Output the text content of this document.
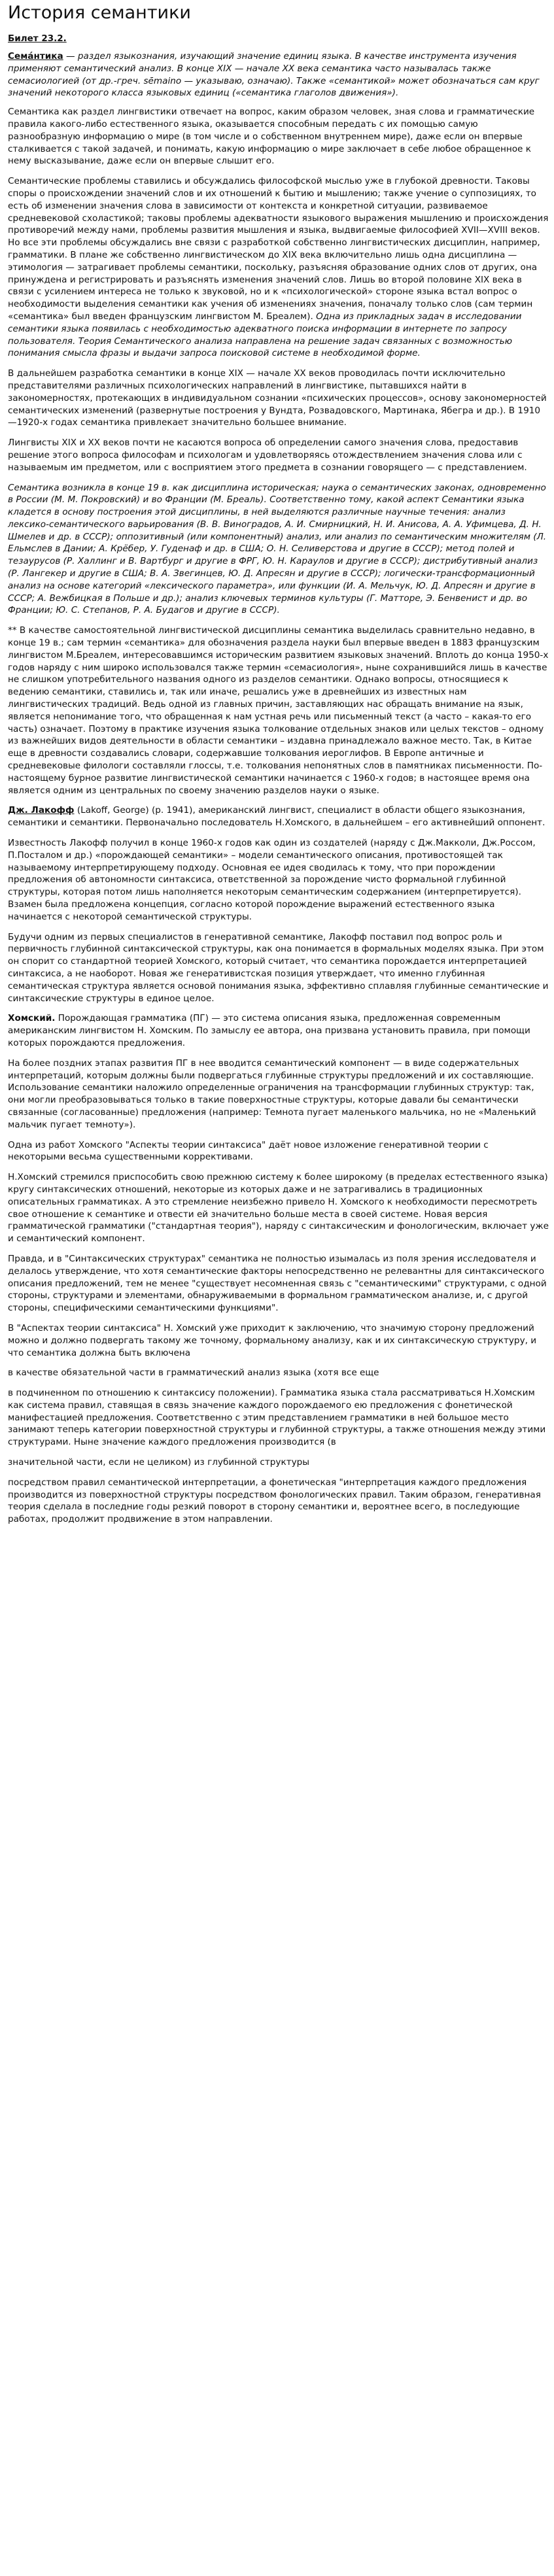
История семантики
Билет 23.2.

Сема́нтика — раздел языкознания, изучающий значение единиц языка. В качестве инструмента изучения применяют семантический анализ. В конце XIX — начале XX века семантика часто называлась также семасиологией (от др.-греч. sēmaino — указываю, означаю). Также «семантикой» может обозначаться сам круг значений некоторого класса языковых единиц («семантика глаголов движения»).

Семантика как раздел лингвистики отвечает на вопрос, каким образом человек, зная слова и грамматические правила какого-либо естественного языка, оказывается способным передать с их помощью самую разнообразную информацию о мире (в том числе и о собственном внутреннем мире), даже если он впервые сталкивается с такой задачей, и понимать, какую информацию о мире заключает в себе любое обращенное к нему высказывание, даже если он впервые слышит его.

Семантические проблемы ставились и обсуждались философской мыслью уже в глубокой древности. Таковы споры о происхождении значений слов и их отношений к бытию и мышлению; также учение о суппозициях, то есть об изменении значения слова в зависимости от контекста и конкретной ситуации, развиваемое средневековой схоластикой; таковы проблемы адекватности языкового выражения мышлению и происхождения противоречий между нами, проблемы развития мышления и языка, выдвигаемые философией XVII—XVIII веков. Но все эти проблемы обсуждались вне связи с разработкой собственно лингвистических дисциплин, например, грамматики. В плане же собственно лингвистическом до XIX века включительно лишь одна дисциплина — этимология — затрагивает проблемы семантики, поскольку, разъясняя образование одних слов от других, она принуждена и регистрировать и разъяснять изменения значений слов. Лишь во второй половине XIX века в связи с усилением интереса не только к звуковой, но и к «психологической» стороне языка встал вопрос о необходимости выделения семантики как учения об изменениях значения, поначалу только слов (сам термин «семантика» был введен французским лингвистом М. Бреалем). Одна из прикладных задач в исследовании семантики языка появилась с необходимостью адекватного поиска информации в интернете по запросу пользователя. Теория Семантического анализа направлена на решение задач связанных с возможностью понимания смысла фразы и выдачи запроса поисковой системе в необходимой форме.

В дальнейшем разработка семантики в конце XIX — начале XX веков проводилась почти исключительно представителями различных психологических направлений в лингвистике, пытавшихся найти в закономерностях, протекающих в индивидуальном сознании «психических процессов», основу закономерностей семантических изменений (развернутые построения у Вундта, Розвадовского, Мартинака, Ябегра и др.). В 1910—1920-х годах семантика привлекает значительно большее внимание.

Лингвисты XIX и XX веков почти не касаются вопроса об определении самого значения слова, предоставив решение этого вопроса философам и психологам и удовлетворяясь отождествлением значения слова или с называемым им предметом, или с восприятием этого предмета в сознании говорящего — с представлением.

Семантика возникла в конце 19 в. как дисциплина историческая; наука о семантических законах, одновременно в России (М. М. Покровский) и во Франции (М. Бреаль). Соответственно тому, какой аспект Семантики языка кладется в основу построения этой дисциплины, в ней выделяются различные научные течения: анализ лексико-семантического варьирования (В. В. Виноградов, А. И. Смирницкий, Н. И. Анисова, А. А. Уфимцева, Д. Н. Шмелев и др. в СССР); оппозитивный (или компонентный) анализ, или анализ по семантическим множителям (Л. Ельмслев в Дании; А. Крёбер, У. Гуденаф и др. в США; О. Н. Селиверстова и другие в СССР); метод полей и тезаурусов (Р. Халлинг и В. Вартбург и другие в ФРГ, Ю. Н. Караулов и другие в СССР); дистрибутивный анализ (Р. Лангекер и другие в США; В. А. Звегинцев, Ю. Д. Апресян и другие в СССР); логически-трансформационный анализ на основе категорий «лексического параметра», или функции (И. А. Мельчук, Ю. Д. Апресян и другие в СССР; А. Вежбицкая в Польше и др.); анализ ключевых терминов культуры (Г. Матторе, Э. Бенвенист и др. во Франции; Ю. С. Степанов, Р. А. Будагов и другие в СССР).

** В качестве самостоятельной лингвистической дисциплины семантика выделилась сравнительно недавно, в конце 19 в.; сам термин «семантика» для обозначения раздела науки был впервые введен в 1883 французским лингвистом М.Бреалем, интересовавшимся историческим развитием языковых значений. Вплоть до конца 1950-х годов наряду с ним широко использовался также термин «семасиология», ныне сохранившийся лишь в качестве не слишком употребительного названия одного из разделов семантики. Однако вопросы, относящиеся к ведению семантики, ставились и, так или иначе, решались уже в древнейших из известных нам лингвистических традиций. Ведь одной из главных причин, заставляющих нас обращать внимание на язык, является непонимание того, что обращенная к нам устная речь или письменный текст (а часто – какая-то его часть) означает. Поэтому в практике изучения языка толкование отдельных знаков или целых текстов – одному из важнейших видов деятельности в области семантики – издавна принадлежало важное место. Так, в Китае еще в древности создавались словари, содержавшие толкования иероглифов. В Европе античные и средневековые филологи составляли глоссы, т.е. толкования непонятных слов в памятниках письменности. По-настоящему бурное развитие лингвистической семантики начинается с 1960-х годов; в настоящее время она является одним из центральных по своему значению разделов науки о языке.

Дж. Лакофф (Lakoff, George) (р. 1941), американский лингвист, специалист в области общего языкознания, семантики и семантики. Первоначально последователь Н.Хомского, в дальнейшем – его активнейший оппонент.

Известность Лакофф получил в конце 1960-х годов как один из создателей (наряду с Дж.Макколи, Дж.Россом, П.Посталом и др.) «порождающей семантики» – модели семантического описания, противостоящей так называемому интерпретирующему подходу. Основная ее идея сводилась к тому, что при порождении предложения об автономности синтаксиса, ответственной за порождение чисто формальной глубинной структуры, которая потом лишь наполняется некоторым семантическим содержанием (интерпретируется). Взамен была предложена концепция, согласно которой порождение выражений естественного языка начинается с некоторой семантической структуры.

Будучи одним из первых специалистов в генеративной семантике, Лакофф поставил под вопрос роль и первичность глубинной синтаксической структуры, как она понимается в формальных моделях языка. При этом он спорит со стандартной теорией Хомского, который считает, что семантика порождается интерпретацией синтаксиса, а не наоборот. Новая же генеративистская позиция утверждает, что именно глубинная семантическая структура является основой понимания языка, эффективно сплавляя глубинные семантические и синтаксические структуры в единое целое.

Хомский. Порождающая грамматика (ПГ) — это система описания языка, предложенная современным американским лингвистом Н. Хомским. По замыслу ее автора, она призвана установить правила, при помощи которых порождаются предложения.

На более поздних этапах развития ПГ в нее вводится семантический компонент — в виде содержательных интерпретаций, которым должны были подвергаться глубинные структуры предложений и их составляющие. Использование семантики наложило определенные ограничения на трансформации глубинных структур: так, они могли преобразовываться только в такие поверхностные структуры, которые давали бы семантически связанные (согласованные) предложения (например: Темнота пугает маленького мальчика, но не «Маленький мальчик пугает темноту»).

Одна из работ Хомского "Аспекты теории синтаксиса" даёт новое изложение генеративной теории с некоторыми весьма существенными коррективами.

Н.Хомский стремился приспособить свою прежнюю систему к более широкому (в пределах естественного языка) кругу синтаксических отношений, некоторые из которых даже и не затрагивались в традиционных описательных грамматиках. А это стремление неизбежно привело Н. Хомского к необходимости пересмотреть свое отношение к семантике и отвести ей значительно больше места в своей системе. Новая версия грамматической грамматики ("стандартная теория"), наряду с синтаксическим и фонологическим, включает уже и семантический компонент.

Правда, и в "Синтаксических структурах" семантика не полностью изымалась из поля зрения исследователя и делалось утверждение, что хотя семантические факторы непосредственно не релевантны для синтаксического описания предложений, тем не менее "существует несомненная связь с "семантическими" структурами, с одной стороны, структурами и элементами, обнаруживаемыми в формальном грамматическом анализе, и, с другой стороны, специфическими семантическими функциями".

В "Аспектах теории синтаксиса" Н. Хомский уже приходит к заключению, что значимую сторону предложений можно и должно подвергать такому же точному, формальному анализу, как и их синтаксическую структуру, и что семантика должна быть включена

в качестве обязательной части в грамматический анализ языка (хотя все еще

в подчиненном по отношению к синтаксису положении). Грамматика языка стала рассматриваться Н.Хомским как система правил, ставящая в связь значение каждого порождаемого ею предложения с фонетической манифестацией предложения. Соответственно с этим представлением грамматики в ней большое место занимают теперь категории поверхностной структуры и глубинной структуры, а также отношения между этими структурами. Ныне значение каждого предложения производится (в

значительной части, если не целиком) из глубинной структуры

посредством правил семантической интерпретации, а фонетическая "интерпретация каждого предложения производится из поверхностной структуры посредством фонологических правил. Таким образом, генеративная теория сделала в последние годы резкий поворот в сторону семантики и, вероятнее всего, в последующие работах, продолжит продвижение в этом направлении.
